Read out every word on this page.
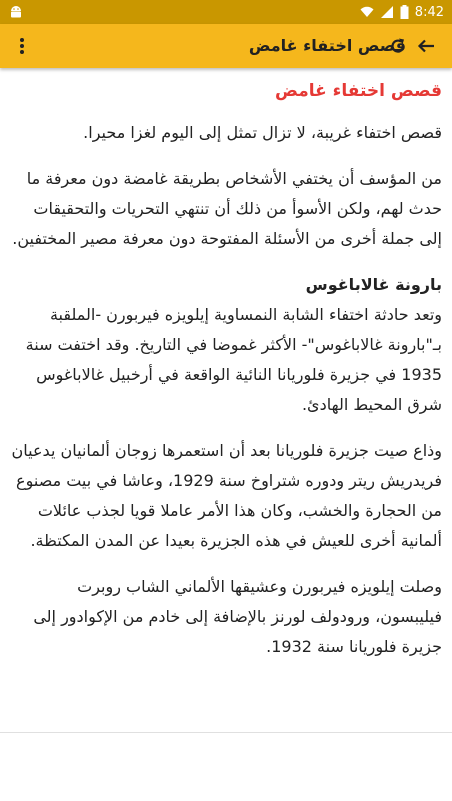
8:42
قصص اختفاء غامض
قصص اختفاء غامض

قصص اختفاء غريبة، لا تزال تمثل إلى اليوم لغزا محيرا.

من المؤسف أن يختفي الأشخاص بطريقة غامضة دون معرفة ما حدث لهم، ولكن الأسوأ من ذلك أن تنتهي التحريات والتحقيقات إلى جملة أخرى من الأسئلة المفتوحة دون معرفة مصير المختفين.

بارونة غالاباغوس

وتعد حادثة اختفاء الشابة النمساوية إيلويزه فيربورن -الملقبة بـ"بارونة غالاباغوس"- الأكثر غموضا في التاريخ. وقد اختفت سنة 1935 في جزيرة فلوريانا النائية الواقعة في أرخبيل غالاباغوس شرق المحيط الهادئ.

وذاع صيت جزيرة فلوريانا بعد أن استعمرها زوجان ألمانيان يدعيان فريدريش ريتر ودوره شتراوخ سنة 1929، وعاشا في بيت مصنوع من الحجارة والخشب، وكان هذا الأمر عاملا قويا لجذب عائلات ألمانية أخرى للعيش في هذه الجزيرة بعيدا عن المدن المكتظة.

وصلت إيلويزه فيربورن وعشيقها الألماني الشاب روبرت فيليبسون، ورودولف لورنز بالإضافة إلى خادم من الإكوادور إلى جزيرة فلوريانا سنة 1932.
